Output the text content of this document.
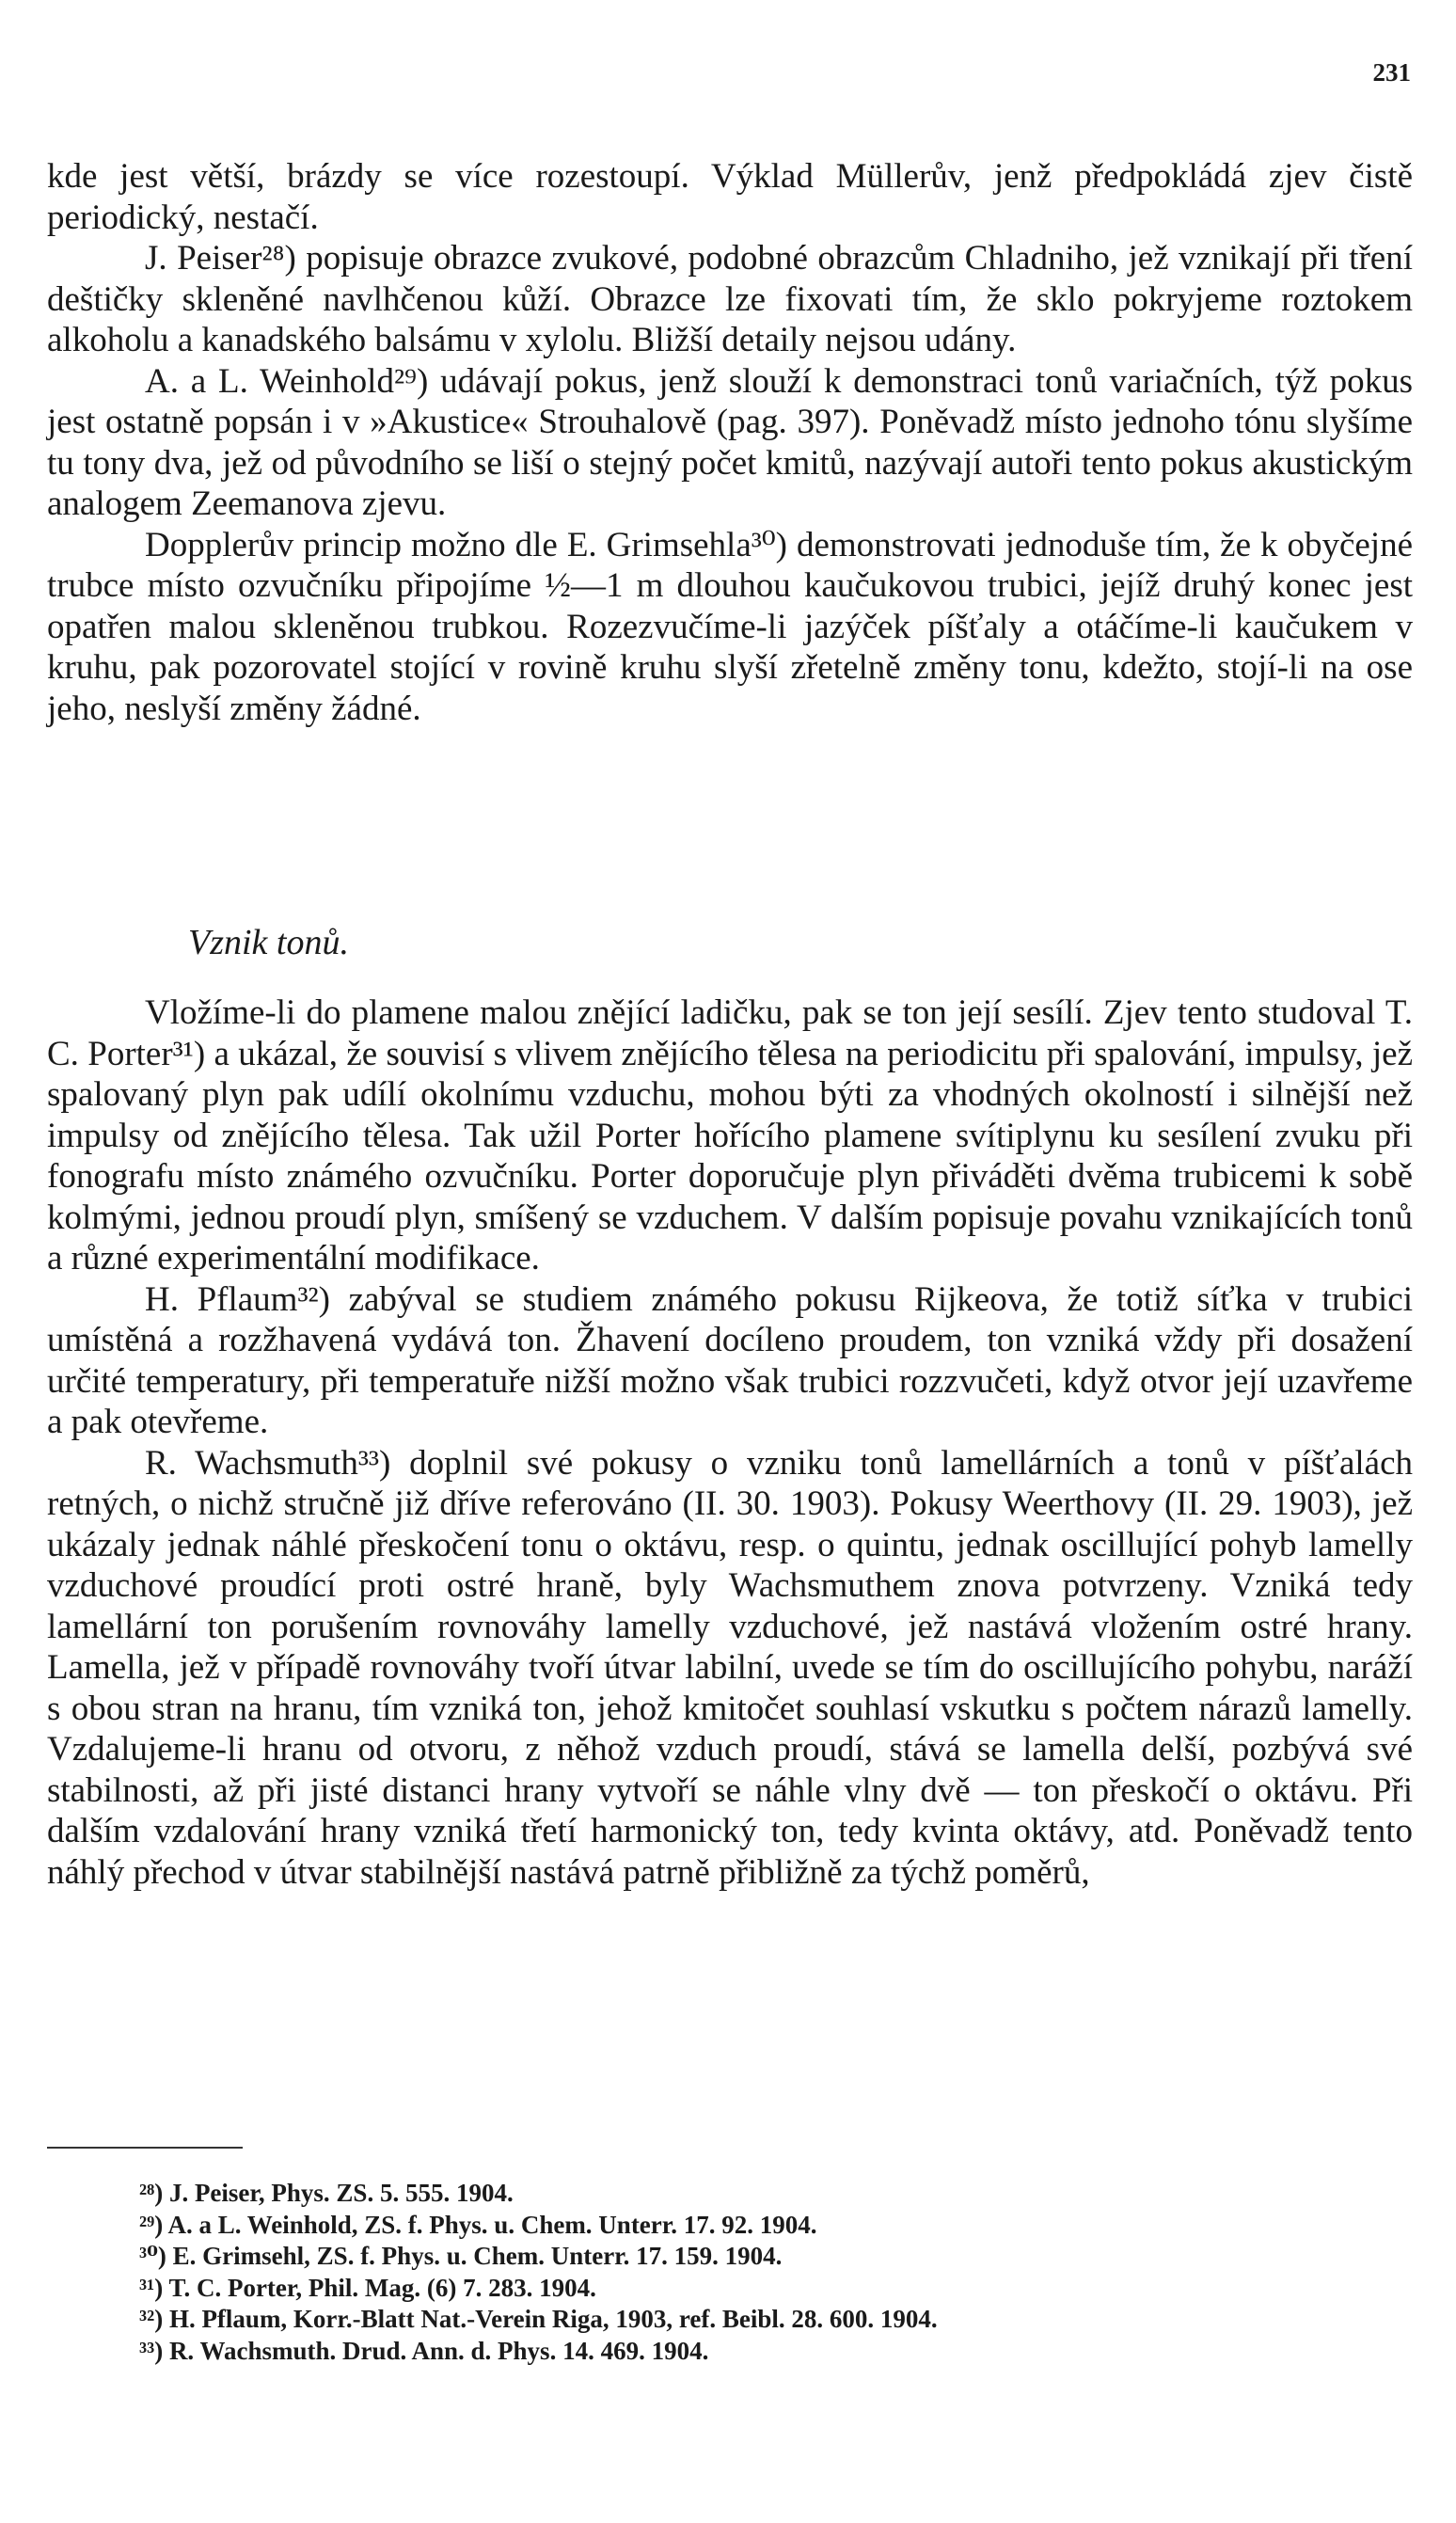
231

kde jest větší, brázdy se více rozestoupí. Výklad Müllerův, jenž předpokládá zjev čistě periodický, nestačí.

J. Peiser²⁸) popisuje obrazce zvukové, podobné obrazcům Chladniho, jež vznikají při tření deštičky skleněné navlhčenou kůží. Obrazce lze fixovati tím, že sklo pokryjeme roztokem alkoholu a kanadského balsámu v xylolu. Bližší detaily nejsou udány.

A. a L. Weinhold²⁹) udávají pokus, jenž slouží k demonstraci tonů variačních, týž pokus jest ostatně popsán i v »Akustice« Strouhalově (pag. 397). Poněvadž místo jednoho tónu slyšíme tu tony dva, jež od původního se liší o stejný počet kmitů, nazývají autoři tento pokus akustickým analogem Zeemanova zjevu.

Dopplerův princip možno dle E. Grimsehla³⁰) demonstrovati jednoduše tím, že k obyčejné trubce místo ozvučníku připojíme ½—1 m dlouhou kaučukovou trubici, jejíž druhý konec jest opatřen malou skleněnou trubkou. Rozezvučíme-li jazýček píšťaly a otáčíme-li kaučukem v kruhu, pak pozorovatel stojící v rovině kruhu slyší zřetelně změny tonu, kdežto, stojí-li na ose jeho, neslyší změny žádné.

Vznik tonů.

Vložíme-li do plamene malou znějící ladičku, pak se ton její sesílí. Zjev tento studoval T. C. Porter³¹) a ukázal, že souvisí s vlivem znějícího tělesa na periodicitu při spalování, impulsy, jež spalovaný plyn pak udílí okolnímu vzduchu, mohou býti za vhodných okolností i silnější než impulsy od znějícího tělesa. Tak užil Porter hořícího plamene svítiplynu ku sesílení zvuku při fonografu místo známého ozvučníku. Porter doporučuje plyn přiváděti dvěma trubicemi k sobě kolmými, jednou proudí plyn, smíšený se vzduchem. V dalším popisuje povahu vznikajících tonů a různé experimentální modifikace.

H. Pflaum³²) zabýval se studiem známého pokusu Rijkeova, že totiž síťka v trubici umístěná a rozžhavená vydává ton. Žhavení docíleno proudem, ton vzniká vždy při dosažení určité temperatury, při temperatuře nižší možno však trubici rozzvučeti, když otvor její uzavřeme a pak otevřeme.

R. Wachsmuth³³) doplnil své pokusy o vzniku tonů lamellárních a tonů v píšťalách retných, o nichž stručně již dříve referováno (II. 30. 1903). Pokusy Weerthovy (II. 29. 1903), jež ukázaly jednak náhlé přeskočení tonu o oktávu, resp. o quintu, jednak oscillující pohyb lamelly vzduchové proudící proti ostré hraně, byly Wachsmuthem znova potvrzeny. Vzniká tedy lamellární ton porušením rovnováhy lamelly vzduchové, jež nastává vložením ostré hrany. Lamella, jež v případě rovnováhy tvoří útvar labilní, uvede se tím do oscillujícího pohybu, naráží s obou stran na hranu, tím vzniká ton, jehož kmitočet souhlasí vskutku s počtem nárazů lamelly. Vzdalujeme-li hranu od otvoru, z něhož vzduch proudí, stává se lamella delší, pozbývá své stabilnosti, až při jisté distanci hrany vytvoří se náhle vlny dvě — ton přeskočí o oktávu. Při dalším vzdalování hrany vzniká třetí harmonický ton, tedy kvinta oktávy, atd. Poněvadž tento náhlý přechod v útvar stabilnější nastává patrně přibližně za týchž poměrů,

²⁸) J. Peiser, Phys. ZS. 5. 555. 1904.

²⁹) A. a L. Weinhold, ZS. f. Phys. u. Chem. Unterr. 17. 92. 1904.

³⁰) E. Grimsehl, ZS. f. Phys. u. Chem. Unterr. 17. 159. 1904.

³¹) T. C. Porter, Phil. Mag. (6) 7. 283. 1904.

³²) H. Pflaum, Korr.-Blatt Nat.-Verein Riga, 1903, ref. Beibl. 28. 600. 1904.

³³) R. Wachsmuth. Drud. Ann. d. Phys. 14. 469. 1904.
